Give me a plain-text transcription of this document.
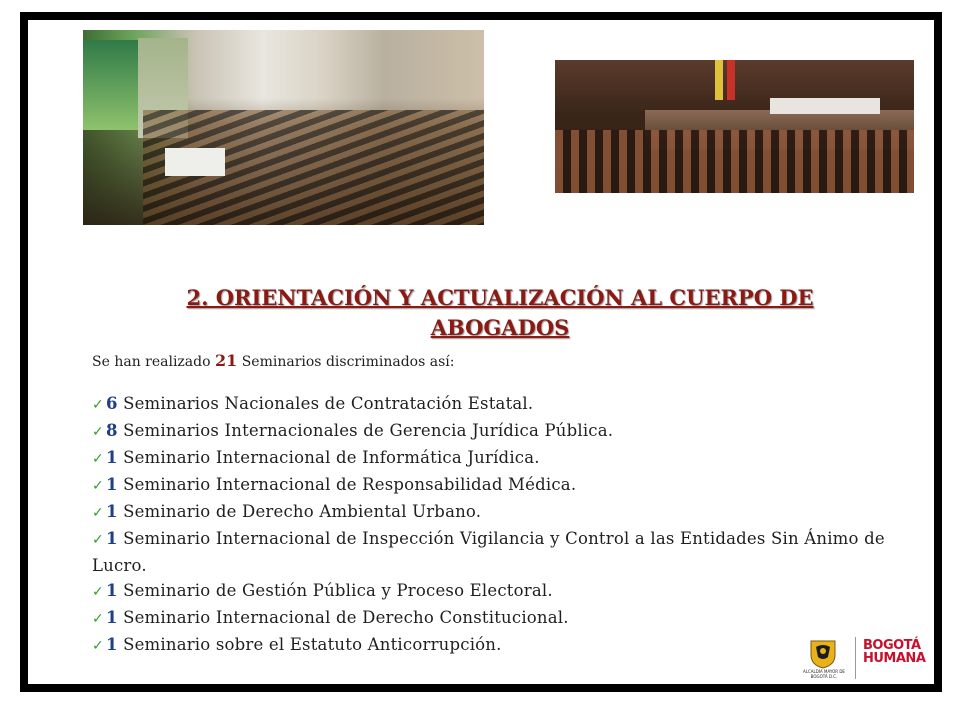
2. ORIENTACIÓN Y ACTUALIZACIÓN AL CUERPO DE
ABOGADOS
Se han realizado 21 Seminarios discriminados así:
✓ 6 Seminarios Nacionales de Contratación Estatal.
✓ 8 Seminarios Internacionales de Gerencia Jurídica Pública.
✓ 1 Seminario Internacional de Informática Jurídica.
✓ 1 Seminario Internacional de Responsabilidad Médica.
✓ 1 Seminario de Derecho Ambiental Urbano.
✓ 1 Seminario Internacional de Inspección Vigilancia y Control a las Entidades Sin Ánimo de Lucro.
✓ 1 Seminario de Gestión Pública y Proceso Electoral.
✓ 1 Seminario Internacional de Derecho Constitucional.
✓ 1 Seminario sobre el Estatuto Anticorrupción.
ALCALDÍA MAYOR DE BOGOTÁ D.C.
BOGOTÁ
HUMANA
